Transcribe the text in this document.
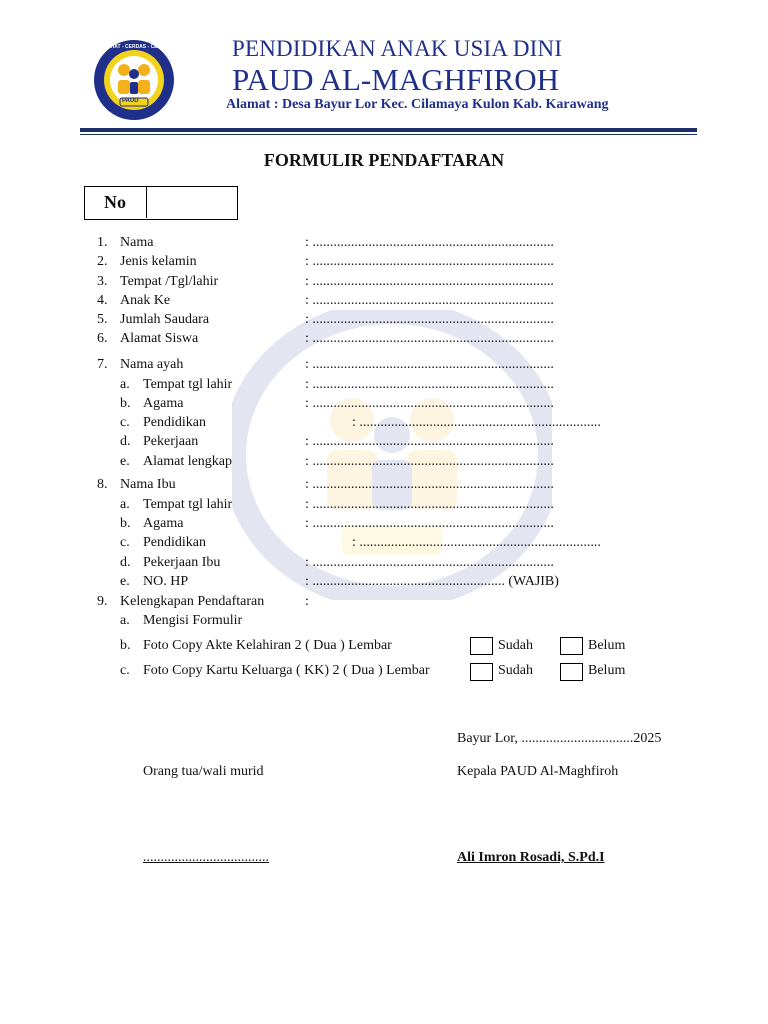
PAUD
SEHAT - CERDAS - CERIA	PENDIDIKAN ANAK USIA DINI
PAUD AL-MAGHFIROH
Alamat : Desa Bayur Lor Kec. Cilamaya Kulon Kab. Karawang
FORMULIR PENDAFTARAN
No
1. Nama	: .....................................................................
2. Jenis kelamin	: .....................................................................
3. Tempat /Tgl/lahir	: .....................................................................
4. Anak Ke	: .....................................................................
5. Jumlah Saudara	: .....................................................................
6. Alamat Siswa	: .....................................................................
7. Nama ayah	: .....................................................................
a. Tempat tgl lahir	: .....................................................................
b. Agama	: .....................................................................
c. Pendidikan	: .....................................................................
d. Pekerjaan	: .....................................................................
e. Alamat lengkap	: .....................................................................
8. Nama Ibu	: .....................................................................
a. Tempat tgl lahir	: .....................................................................
b. Agama	: .....................................................................
c. Pendidikan	: .....................................................................
d. Pekerjaan Ibu	: .....................................................................
e. NO. HP	: ....................................................... (WAJIB)
9. Kelengkapan Pendaftaran	:
a. Mengisi Formulir
b. Foto Copy Akte Kelahiran 2 ( Dua ) Lembar	Sudah	Belum
c. Foto Copy Kartu Keluarga ( KK) 2 ( Dua ) Lembar	Sudah	Belum
Bayur Lor, ................................2025
Orang tua/wali murid	Kepala PAUD Al-Maghfiroh
....................................	Ali Imron Rosadi, S.Pd.I
